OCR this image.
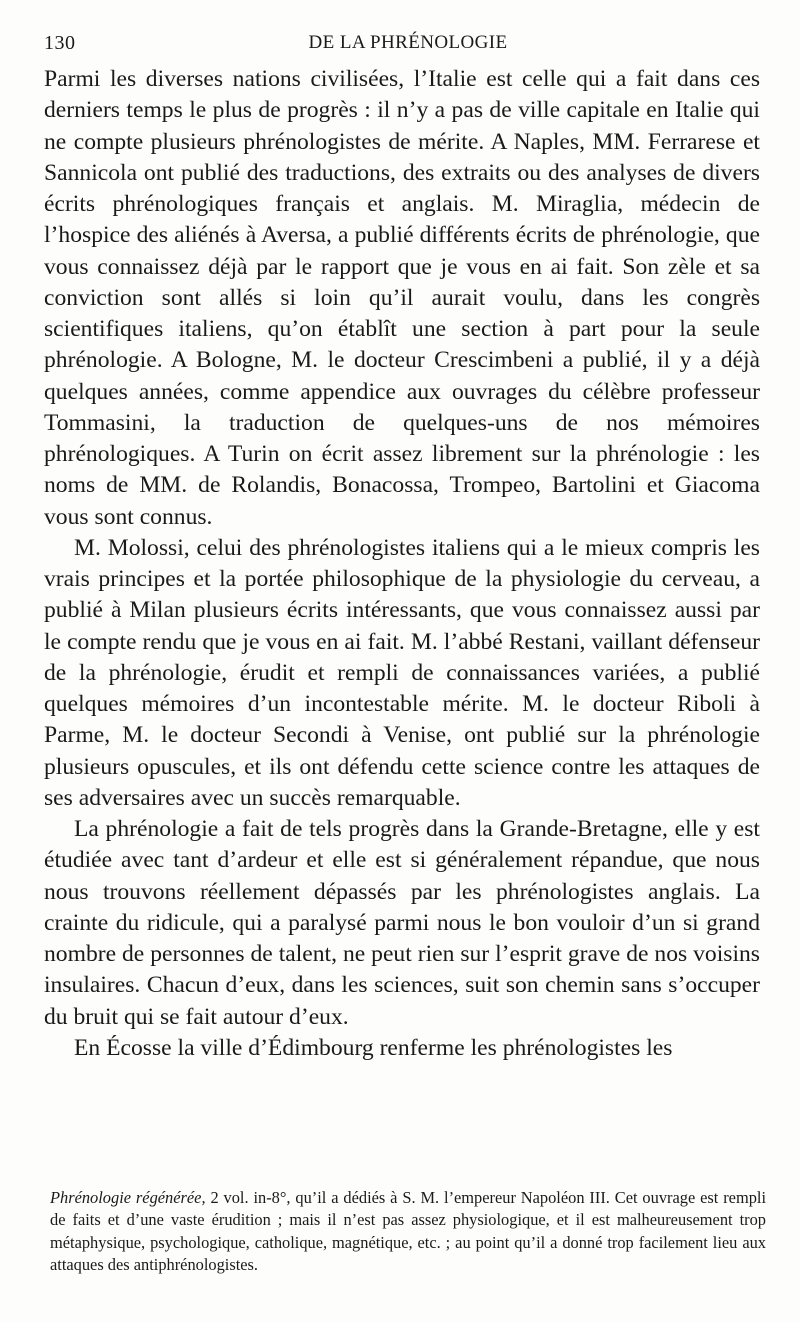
130	DE LA PHRÉNOLOGIE

Parmi les diverses nations civilisées, l’Italie est celle qui a fait dans ces derniers temps le plus de progrès : il n’y a pas de ville capitale en Italie qui ne compte plusieurs phrénologistes de mérite. A Naples, MM. Ferrarese et Sannicola ont publié des traductions, des extraits ou des analyses de divers écrits phrénologiques français et anglais. M. Miraglia, médecin de l’hospice des aliénés à Aversa, a publié différents écrits de phrénologie, que vous connaissez déjà par le rapport que je vous en ai fait. Son zèle et sa conviction sont allés si loin qu’il aurait voulu, dans les congrès scientifiques italiens, qu’on établît une section à part pour la seule phrénologie. A Bologne, M. le docteur Crescimbeni a publié, il y a déjà quelques années, comme appendice aux ouvrages du célèbre professeur Tommasini, la traduction de quelques-uns de nos mémoires phrénologiques. A Turin on écrit assez librement sur la phrénologie : les noms de MM. de Rolandis, Bonacossa, Trompeo, Bartolini et Giacoma vous sont connus.

M. Molossi, celui des phrénologistes italiens qui a le mieux compris les vrais principes et la portée philosophique de la physiologie du cerveau, a publié à Milan plusieurs écrits intéressants, que vous connaissez aussi par le compte rendu que je vous en ai fait. M. l’abbé Restani, vaillant défenseur de la phrénologie, érudit et rempli de connaissances variées, a publié quelques mémoires d’un incontestable mérite. M. le docteur Riboli à Parme, M. le docteur Secondi à Venise, ont publié sur la phrénologie plusieurs opuscules, et ils ont défendu cette science contre les attaques de ses adversaires avec un succès remarquable.

La phrénologie a fait de tels progrès dans la Grande-Bretagne, elle y est étudiée avec tant d’ardeur et elle est si généralement répandue, que nous nous trouvons réellement dépassés par les phrénologistes anglais. La crainte du ridicule, qui a paralysé parmi nous le bon vouloir d’un si grand nombre de personnes de talent, ne peut rien sur l’esprit grave de nos voisins insulaires. Chacun d’eux, dans les sciences, suit son chemin sans s’occuper du bruit qui se fait autour d’eux.

En Écosse la ville d’Édimbourg renferme les phrénologistes les

Phrénologie régénérée, 2 vol. in-8°, qu’il a dédiés à S. M. l’empereur Napoléon III. Cet ouvrage est rempli de faits et d’une vaste érudition ; mais il n’est pas assez physiologique, et il est malheureusement trop métaphysique, psychologique, catholique, magnétique, etc. ; au point qu’il a donné trop facilement lieu aux attaques des antiphrénologistes.
